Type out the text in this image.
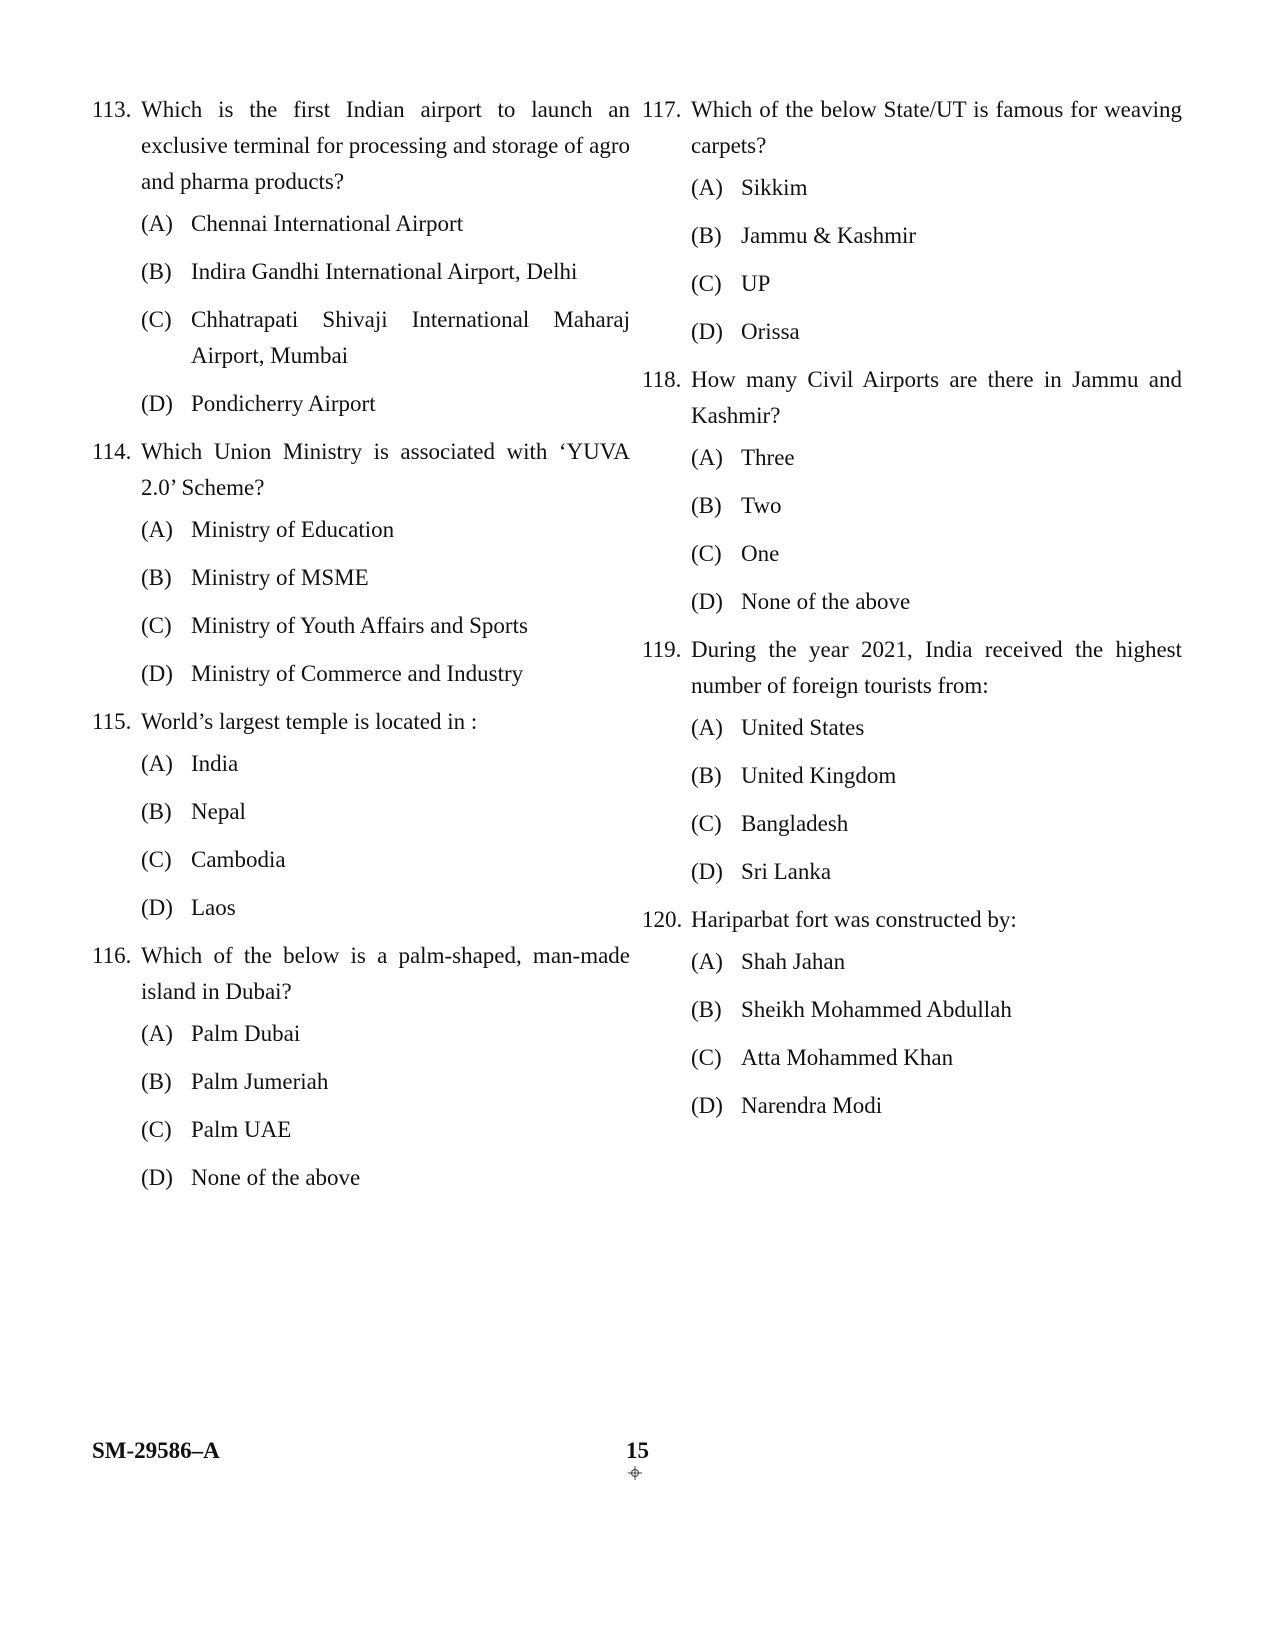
113. Which is the first Indian airport to launch an exclusive terminal for processing and storage of agro and pharma products?
(A) Chennai International Airport
(B) Indira Gandhi International Airport, Delhi
(C) Chhatrapati Shivaji International Maharaj Airport, Mumbai
(D) Pondicherry Airport
114. Which Union Ministry is associated with ‘YUVA 2.0’ Scheme?
(A) Ministry of Education
(B) Ministry of MSME
(C) Ministry of Youth Affairs and Sports
(D) Ministry of Commerce and Industry
115. World’s largest temple is located in :
(A) India
(B) Nepal
(C) Cambodia
(D) Laos
116. Which of the below is a palm-shaped, man-made island in Dubai?
(A) Palm Dubai
(B) Palm Jumeriah
(C) Palm UAE
(D) None of the above
117. Which of the below State/UT is famous for weaving carpets?
(A) Sikkim
(B) Jammu & Kashmir
(C) UP
(D) Orissa
118. How many Civil Airports are there in Jammu and Kashmir?
(A) Three
(B) Two
(C) One
(D) None of the above
119. During the year 2021, India received the highest number of foreign tourists from:
(A) United States
(B) United Kingdom
(C) Bangladesh
(D) Sri Lanka
120. Hariparbat fort was constructed by:
(A) Shah Jahan
(B) Sheikh Mohammed Abdullah
(C) Atta Mohammed Khan
(D) Narendra Modi
SM-29586–A	15
